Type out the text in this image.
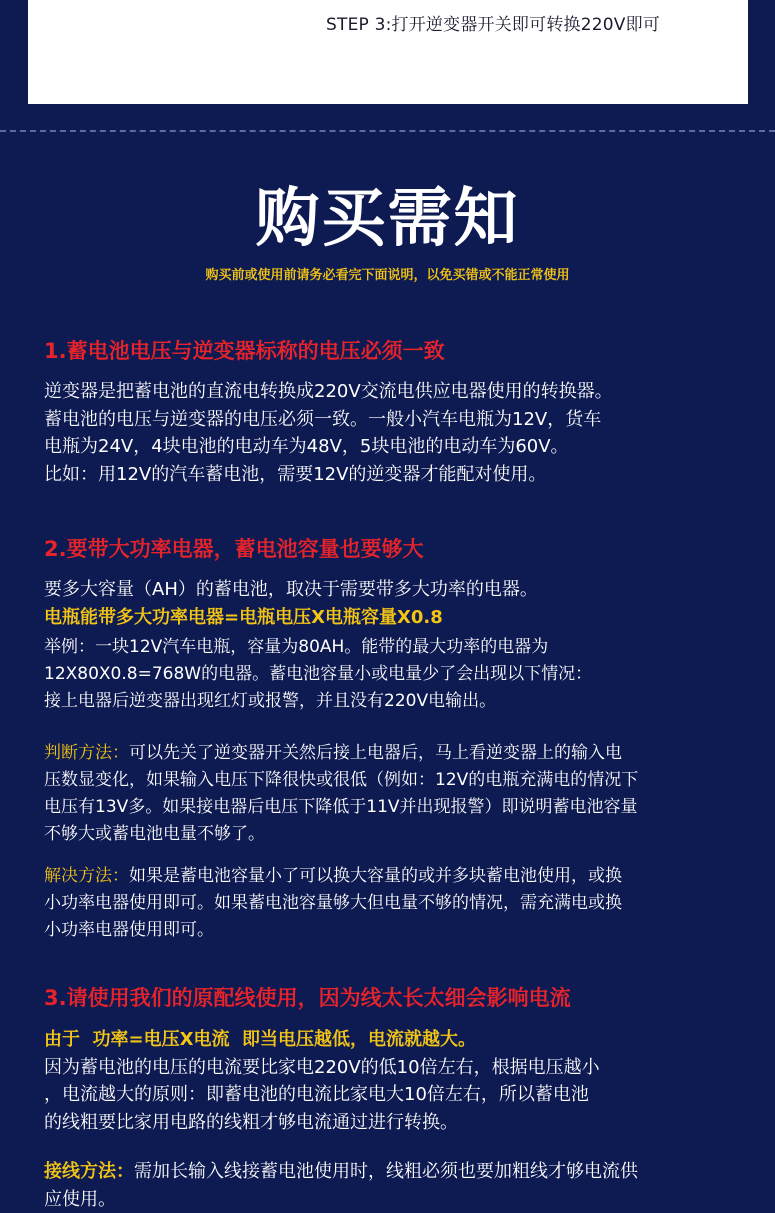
STEP 3:打开逆变器开关即可转换220V即可
购买需知
购买前或使用前请务必看完下面说明，以免买错或不能正常使用
1.蓄电池电压与逆变器标称的电压必须一致
逆变器是把蓄电池的直流电转换成220V交流电供应电器使用的转换器。
蓄电池的电压与逆变器的电压必须一致。一般小汽车电瓶为12V，货车
电瓶为24V，4块电池的电动车为48V，5块电池的电动车为60V。
比如：用12V的汽车蓄电池，需要12V的逆变器才能配对使用。
2.要带大功率电器，蓄电池容量也要够大
要多大容量（AH）的蓄电池，取决于需要带多大功率的电器。
电瓶能带多大功率电器=电瓶电压X电瓶容量X0.8
举例：一块12V汽车电瓶，容量为80AH。能带的最大功率的电器为
12X80X0.8=768W的电器。蓄电池容量小或电量少了会出现以下情况：
接上电器后逆变器出现红灯或报警，并且没有220V电输出。
判断方法：可以先关了逆变器开关然后接上电器后，马上看逆变器上的输入电
压数显变化，如果输入电压下降很快或很低（例如：12V的电瓶充满电的情况下
电压有13V多。如果接电器后电压下降低于11V并出现报警）即说明蓄电池容量
不够大或蓄电池电量不够了。
解决方法：如果是蓄电池容量小了可以换大容量的或并多块蓄电池使用，或换
小功率电器使用即可。如果蓄电池容量够大但电量不够的情况，需充满电或换
小功率电器使用即可。
3.请使用我们的原配线使用，因为线太长太细会影响电流
由于  功率=电压X电流  即当电压越低，电流就越大。
因为蓄电池的电压的电流要比家电220V的低10倍左右，根据电压越小
，电流越大的原则：即蓄电池的电流比家电大10倍左右，所以蓄电池
的线粗要比家用电路的线粗才够电流通过进行转换。
接线方法：需加长输入线接蓄电池使用时，线粗必须也要加粗线才够电流供
应使用。
